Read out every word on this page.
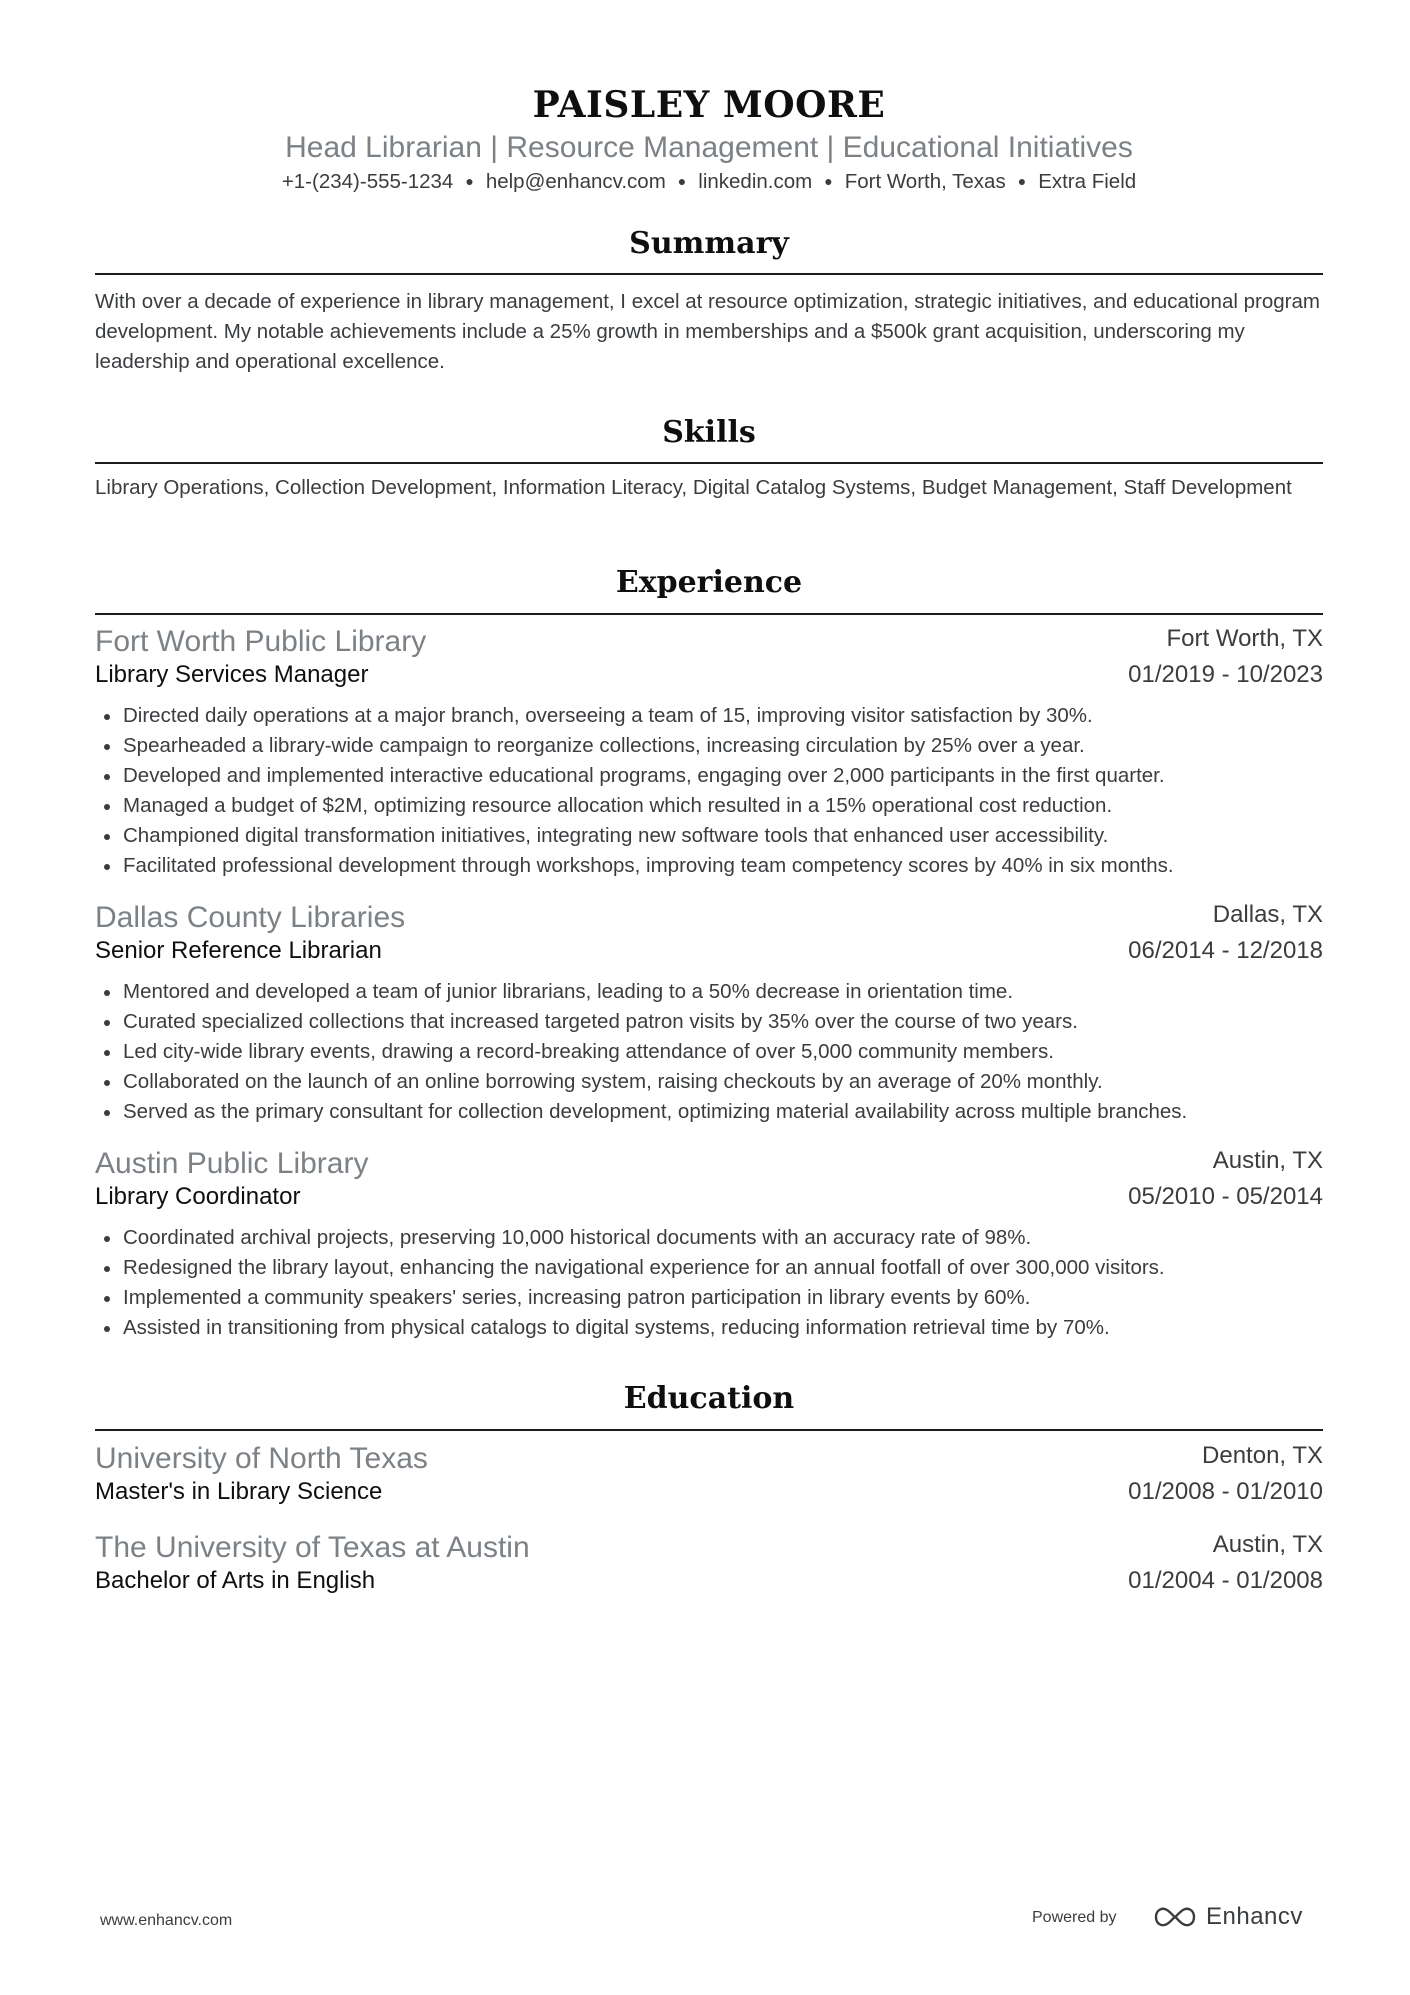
PAISLEY MOORE
Head Librarian | Resource Management | Educational Initiatives
+1-(234)-555-1234 ● help@enhancv.com ● linkedin.com ● Fort Worth, Texas ● Extra Field
Summary
With over a decade of experience in library management, I excel at resource optimization, strategic initiatives, and educational program development. My notable achievements include a 25% growth in memberships and a $500k grant acquisition, underscoring my leadership and operational excellence.
Skills
Library Operations, Collection Development, Information Literacy, Digital Catalog Systems, Budget Management, Staff Development
Experience
Fort Worth Public Library	Fort Worth, TX
Library Services Manager	01/2019 - 10/2023
Directed daily operations at a major branch, overseeing a team of 15, improving visitor satisfaction by 30%.
Spearheaded a library-wide campaign to reorganize collections, increasing circulation by 25% over a year.
Developed and implemented interactive educational programs, engaging over 2,000 participants in the first quarter.
Managed a budget of $2M, optimizing resource allocation which resulted in a 15% operational cost reduction.
Championed digital transformation initiatives, integrating new software tools that enhanced user accessibility.
Facilitated professional development through workshops, improving team competency scores by 40% in six months.
Dallas County Libraries	Dallas, TX
Senior Reference Librarian	06/2014 - 12/2018
Mentored and developed a team of junior librarians, leading to a 50% decrease in orientation time.
Curated specialized collections that increased targeted patron visits by 35% over the course of two years.
Led city-wide library events, drawing a record-breaking attendance of over 5,000 community members.
Collaborated on the launch of an online borrowing system, raising checkouts by an average of 20% monthly.
Served as the primary consultant for collection development, optimizing material availability across multiple branches.
Austin Public Library	Austin, TX
Library Coordinator	05/2010 - 05/2014
Coordinated archival projects, preserving 10,000 historical documents with an accuracy rate of 98%.
Redesigned the library layout, enhancing the navigational experience for an annual footfall of over 300,000 visitors.
Implemented a community speakers' series, increasing patron participation in library events by 60%.
Assisted in transitioning from physical catalogs to digital systems, reducing information retrieval time by 70%.
Education
University of North Texas	Denton, TX
Master's in Library Science	01/2008 - 01/2010
The University of Texas at Austin	Austin, TX
Bachelor of Arts in English	01/2004 - 01/2008
www.enhancv.com	Powered by	Enhancv
